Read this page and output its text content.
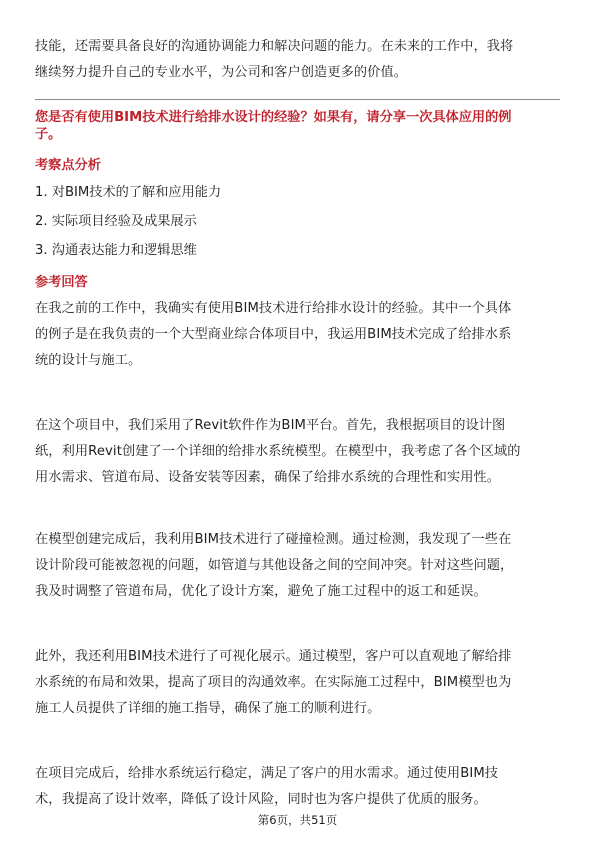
技能，还需要具备良好的沟通协调能力和解决问题的能力。在未来的工作中，我将
继续努力提升自己的专业水平，为公司和客户创造更多的价值。
您是否有使用BIM技术进行给排水设计的经验？如果有，请分享一次具体应用的例
子。
考察点分析
1. 对BIM技术的了解和应用能力
2. 实际项目经验及成果展示
3. 沟通表达能力和逻辑思维
参考回答
在我之前的工作中，我确实有使用BIM技术进行给排水设计的经验。其中一个具体
的例子是在我负责的一个大型商业综合体项目中，我运用BIM技术完成了给排水系
统的设计与施工。
在这个项目中，我们采用了Revit软件作为BIM平台。首先，我根据项目的设计图
纸，利用Revit创建了一个详细的给排水系统模型。在模型中，我考虑了各个区域的
用水需求、管道布局、设备安装等因素，确保了给排水系统的合理性和实用性。
在模型创建完成后，我利用BIM技术进行了碰撞检测。通过检测，我发现了一些在
设计阶段可能被忽视的问题，如管道与其他设备之间的空间冲突。针对这些问题，
我及时调整了管道布局，优化了设计方案，避免了施工过程中的返工和延误。
此外，我还利用BIM技术进行了可视化展示。通过模型，客户可以直观地了解给排
水系统的布局和效果，提高了项目的沟通效率。在实际施工过程中，BIM模型也为
施工人员提供了详细的施工指导，确保了施工的顺利进行。
在项目完成后，给排水系统运行稳定，满足了客户的用水需求。通过使用BIM技
术，我提高了设计效率，降低了设计风险，同时也为客户提供了优质的服务。
第6页，共51页
